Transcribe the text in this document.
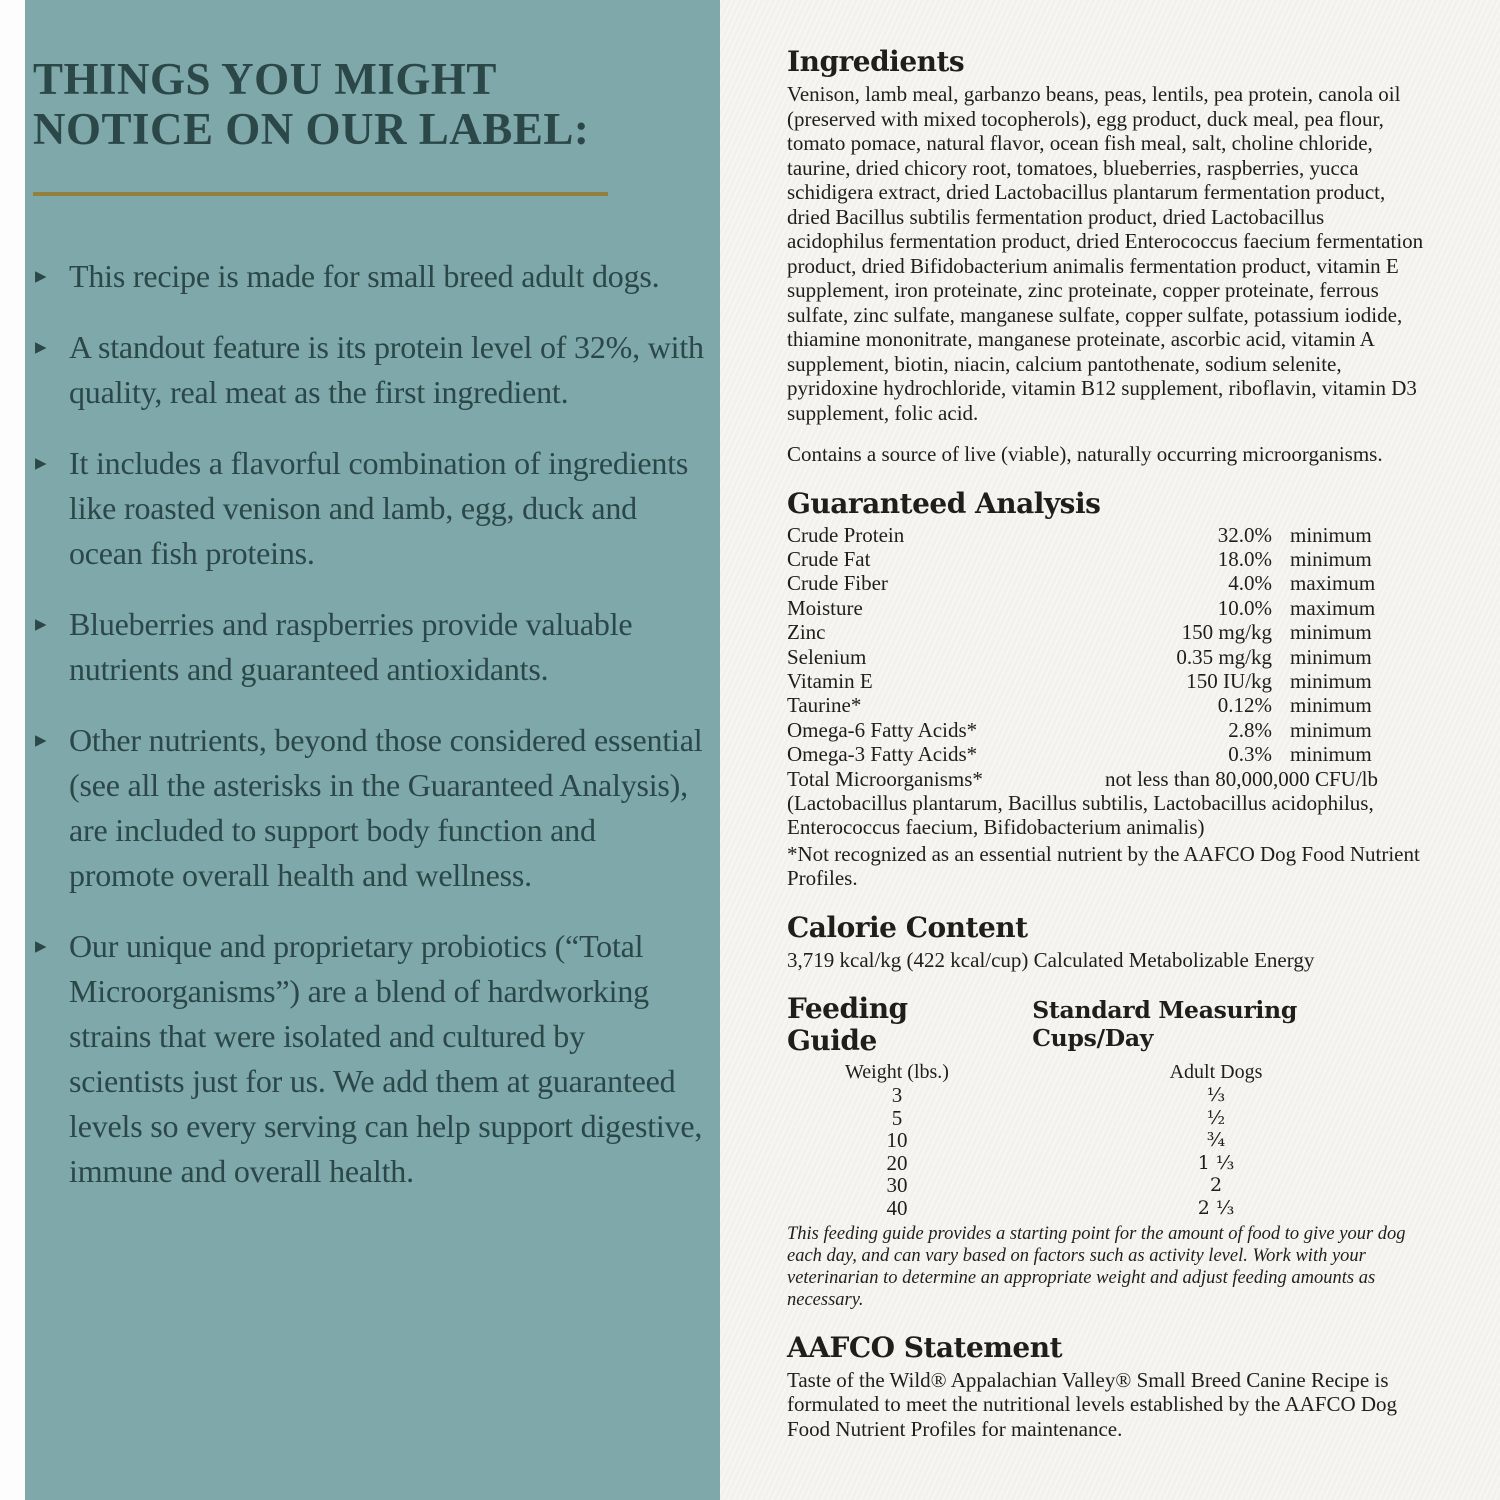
THINGS YOU MIGHT
NOTICE ON OUR LABEL:
▸ This recipe is made for small breed adult dogs.

▸ A standout feature is its protein level of 32%, with quality, real meat as the first ingredient.

▸ It includes a flavorful combination of ingredients like roasted venison and lamb, egg, duck and ocean fish proteins.

▸ Blueberries and raspberries provide valuable nutrients and guaranteed antioxidants.

▸ Other nutrients, beyond those considered essential (see all the asterisks in the Guaranteed Analysis), are included to support body function and promote overall health and wellness.

▸ Our unique and proprietary probiotics (“Total Microorganisms”) are a blend of hardworking strains that were isolated and cultured by scientists just for us. We add them at guaranteed levels so every serving can help support digestive, immune and overall health.

Ingredients

Venison, lamb meal, garbanzo beans, peas, lentils, pea protein, canola oil (preserved with mixed tocopherols), egg product, duck meal, pea flour, tomato pomace, natural flavor, ocean fish meal, salt, choline chloride, taurine, dried chicory root, tomatoes, blueberries, raspberries, yucca schidigera extract, dried Lactobacillus plantarum fermentation product, dried Bacillus subtilis fermentation product, dried Lactobacillus acidophilus fermentation product, dried Enterococcus faecium fermentation product, dried Bifidobacterium animalis fermentation product, vitamin E supplement, iron proteinate, zinc proteinate, copper proteinate, ferrous sulfate, zinc sulfate, manganese sulfate, copper sulfate, potassium iodide, thiamine mononitrate, manganese proteinate, ascorbic acid, vitamin A supplement, biotin, niacin, calcium pantothenate, sodium selenite, pyridoxine hydrochloride, vitamin B12 supplement, riboflavin, vitamin D3 supplement, folic acid.

Contains a source of live (viable), naturally occurring microorganisms.

Guaranteed Analysis
Crude Protein	32.0% minimum
Crude Fat	18.0% minimum
Crude Fiber	4.0% maximum
Moisture	10.0% maximum
Zinc	150 mg/kg minimum
Selenium	0.35 mg/kg minimum
Vitamin E	150 IU/kg minimum
Taurine*	0.12% minimum
Omega-6 Fatty Acids*	2.8% minimum
Omega-3 Fatty Acids*	0.3% minimum
Total Microorganisms*	not less than 80,000,000 CFU/lb

(Lactobacillus plantarum, Bacillus subtilis, Lactobacillus acidophilus, Enterococcus faecium, Bifidobacterium animalis)

*Not recognized as an essential nutrient by the AAFCO Dog Food Nutrient Profiles.

Calorie Content

3,719 kcal/kg (422 kcal/cup) Calculated Metabolizable Energy

Feeding Guide
Standard Measuring Cups/Day
Weight (lbs.)	Adult Dogs
3	⅓
5	½
10	¾
20	1 ⅓
30	2
40	2 ⅓

This feeding guide provides a starting point for the amount of food to give your dog each day, and can vary based on factors such as activity level. Work with your veterinarian to determine an appropriate weight and adjust feeding amounts as necessary.

AAFCO Statement

Taste of the Wild® Appalachian Valley® Small Breed Canine Recipe is formulated to meet the nutritional levels established by the AAFCO Dog Food Nutrient Profiles for maintenance.
